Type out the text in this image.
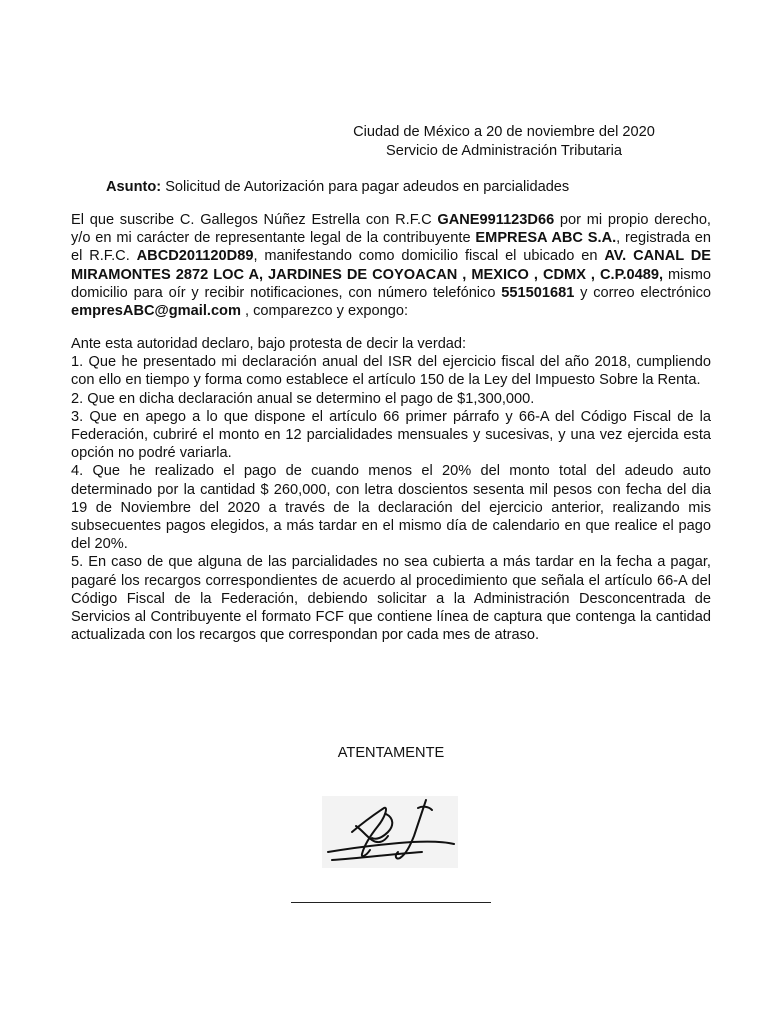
Ciudad de México a 20 de noviembre del 2020
Servicio de Administración Tributaria
Asunto: Solicitud de Autorización para pagar adeudos en parcialidades

El que suscribe C. Gallegos Núñez Estrella con R.F.C GANE991123D66 por mi propio derecho, y/o en mi carácter de representante legal de la contribuyente EMPRESA ABC S.A., registrada en el R.F.C. ABCD201120D89, manifestando como domicilio fiscal el ubicado en AV. CANAL DE MIRAMONTES 2872 LOC A, JARDINES DE COYOACAN , MEXICO , CDMX , C.P.0489, mismo domicilio para oír y recibir notificaciones, con número telefónico 551501681 y correo electrónico empresABC@gmail.com , comparezco y expongo:

Ante esta autoridad declaro, bajo protesta de decir la verdad:

1. Que he presentado mi declaración anual del ISR del ejercicio fiscal del año 2018, cumpliendo con ello en tiempo y forma como establece el artículo 150 de la Ley del Impuesto Sobre la Renta.

2. Que en dicha declaración anual se determino el pago de $1,300,000.

3. Que en apego a lo que dispone el artículo 66 primer párrafo y 66-A del Código Fiscal de la Federación, cubriré el monto en 12 parcialidades mensuales y sucesivas, y una vez ejercida esta opción no podré variarla.

4. Que he realizado el pago de cuando menos el 20% del monto total del adeudo auto determinado por la cantidad $ 260,000, con letra doscientos sesenta mil pesos con fecha del dia 19 de Noviembre del 2020 a través de la declaración del ejercicio anterior, realizando mis subsecuentes pagos elegidos, a más tardar en el mismo día de calendario en que realice el pago del 20%.

5. En caso de que alguna de las parcialidades no sea cubierta a más tardar en la fecha a pagar, pagaré los recargos correspondientes de acuerdo al procedimiento que señala el artículo 66-A del Código Fiscal de la Federación, debiendo solicitar a la Administración Desconcentrada de Servicios al Contribuyente el formato FCF que contiene línea de captura que contenga la cantidad actualizada con los recargos que correspondan por cada mes de atraso.

ATENTAMENTE
